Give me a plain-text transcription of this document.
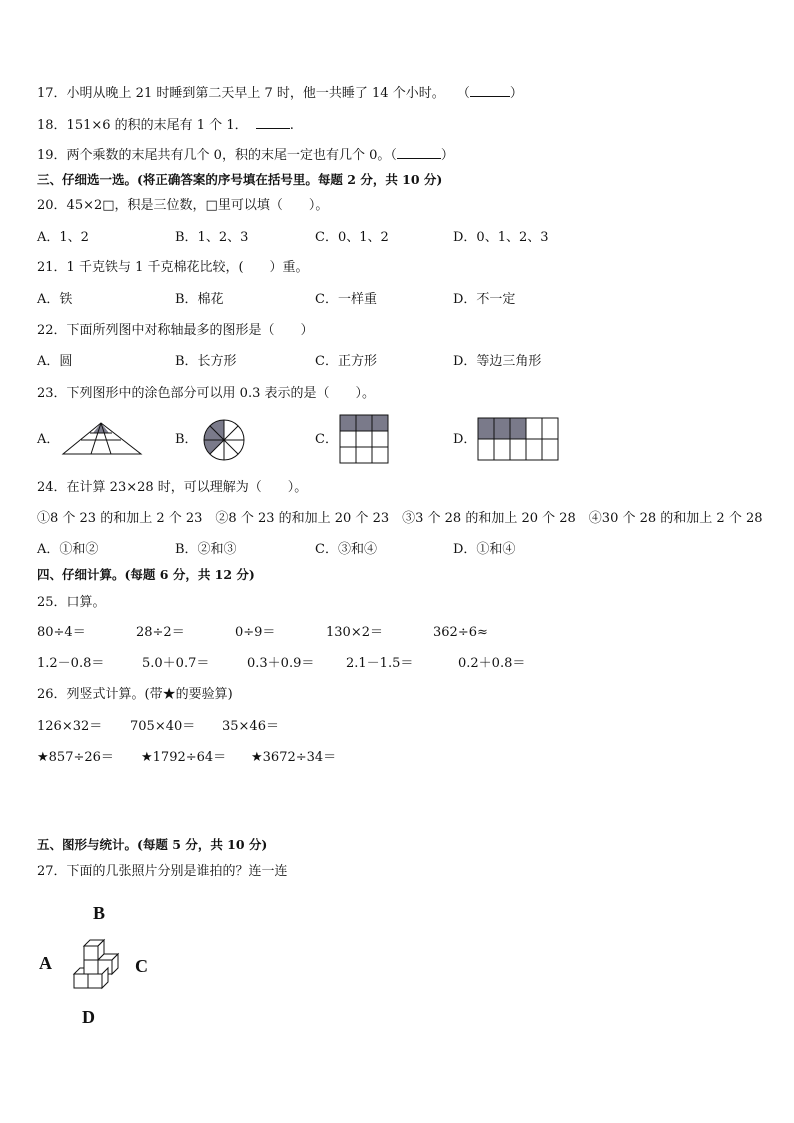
17．小明从晚上 21 时睡到第二天早上 7 时，他一共睡了 14 个小时。 （	）
18．151×6 的积的末尾有 1 个 1．	.
19．两个乘数的末尾共有几个 0，积的末尾一定也有几个 0。（	）
三、仔细选一选。(将正确答案的序号填在括号里。每题 2 分，共 10 分)
20．45×2□，积是三位数，□里可以填（　　）。
A．1、2	B．1、2、3	C．0、1、2	D．0、1、2、3
21．1 千克铁与 1 千克棉花比较，(　　）重。
A．铁	B．棉花	C．一样重	D．不一定
22．下面所列图中对称轴最多的图形是（　　）
A．圆	B．长方形	C．正方形	D．等边三角形
23．下列图形中的涂色部分可以用 0.3 表示的是（　　）。
A．	B．	C．	D．
24．在计算 23×28 时，可以理解为（　　）。
①8 个 23 的和加上 2 个 23　②8 个 23 的和加上 20 个 23　③3 个 28 的和加上 20 个 28　④30 个 28 的和加上 2 个 28
A．①和②	B．②和③	C．③和④	D．①和④
四、仔细计算。(每题 6 分，共 12 分)
25．口算。
80÷4＝	28÷2＝	0÷9＝	130×2＝	362÷6≈
1.2－0.8＝	5.0＋0.7＝	0.3＋0.9＝ 2.1－1.5＝	0.2＋0.8＝
26．列竖式计算。(带★的要验算)
126×32＝ 705×40＝ 35×46＝
★857÷26＝ ★1792÷64＝ ★3672÷34＝
五、图形与统计。(每题 5 分，共 10 分)
27．下面的几张照片分别是谁拍的？连一连
B
A	C
D
